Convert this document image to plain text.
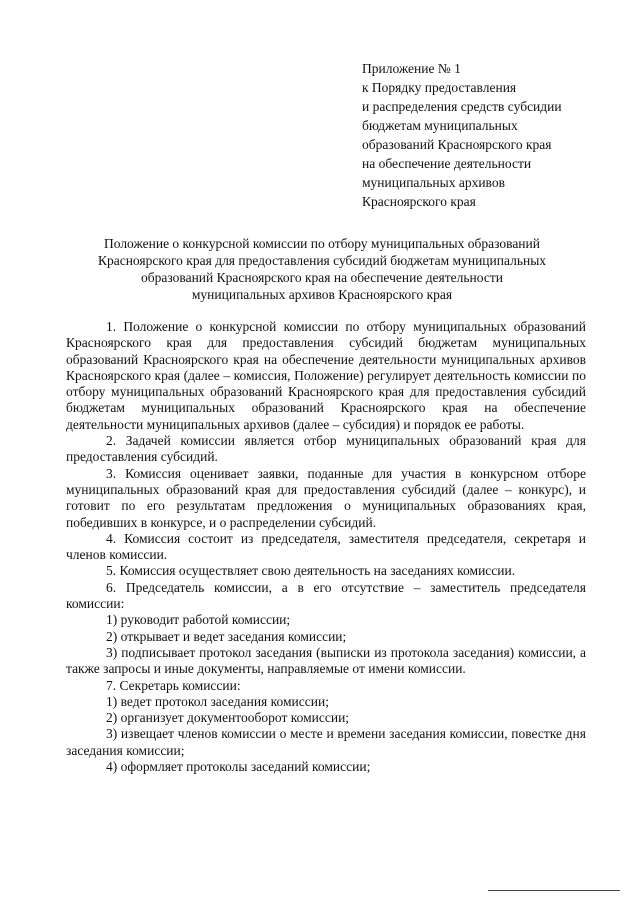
Приложение № 1
к Порядку предоставления
и распределения средств субсидии
бюджетам муниципальных
образований Красноярского края
на обеспечение деятельности
муниципальных архивов
Красноярского края
Положение о конкурсной комиссии по отбору муниципальных образований
Красноярского края для предоставления субсидий бюджетам муниципальных
образований Красноярского края на обеспечение деятельности
муниципальных архивов Красноярского края
1. Положение о конкурсной комиссии по отбору муниципальных образований Красноярского края для предоставления субсидий бюджетам муниципальных образований Красноярского края на обеспечение деятельности муниципальных архивов Красноярского края (далее – комиссия, Положение) регулирует деятельность комиссии по отбору муниципальных образований Красноярского края для предоставления субсидий бюджетам муниципальных образований Красноярского края на обеспечение деятельности муниципальных архивов (далее – субсидия) и порядок ее работы.
2. Задачей комиссии является отбор муниципальных образований края для предоставления субсидий.
3. Комиссия оценивает заявки, поданные для участия в конкурсном отборе муниципальных образований края для предоставления субсидий (далее – конкурс), и готовит по его результатам предложения о муниципальных образованиях края, победивших в конкурсе, и о распределении субсидий.
4. Комиссия состоит из председателя, заместителя председателя, секретаря и членов комиссии.
5. Комиссия осуществляет свою деятельность на заседаниях комиссии.
6. Председатель комиссии, а в его отсутствие – заместитель председателя комиссии:
1) руководит работой комиссии;
2) открывает и ведет заседания комиссии;
3) подписывает протокол заседания (выписки из протокола заседания) комиссии, а также запросы и иные документы, направляемые от имени комиссии.
7. Секретарь комиссии:
1) ведет протокол заседания комиссии;
2) организует документооборот комиссии;
3) извещает членов комиссии о месте и времени заседания комиссии, повестке дня заседания комиссии;
4) оформляет протоколы заседаний комиссии;
